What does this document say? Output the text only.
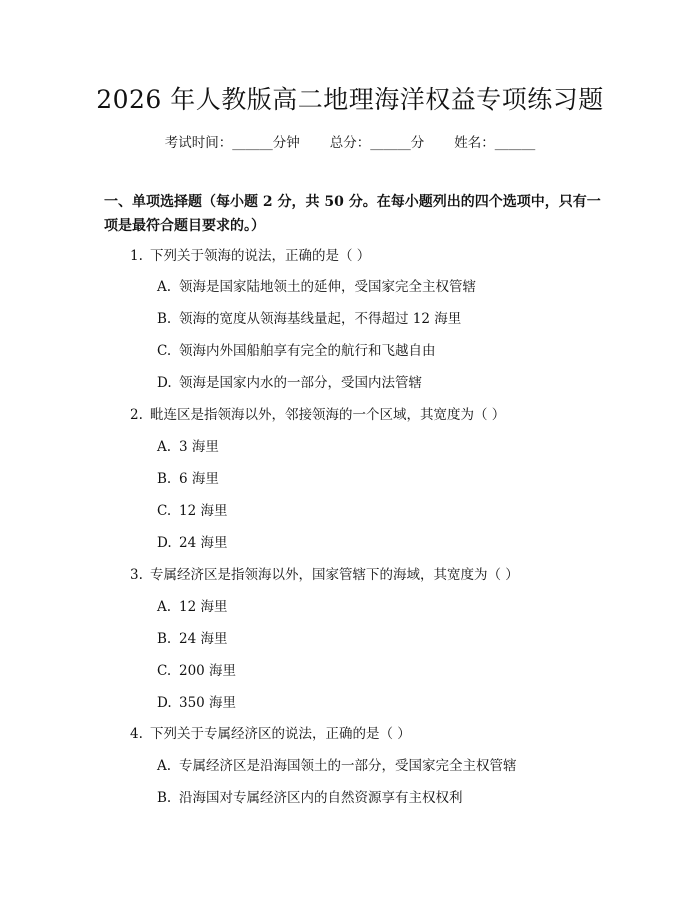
2026 年人教版高二地理海洋权益专项练习题
考试时间：______分钟 总分：______分 姓名：______
一、单项选择题（每小题 2 分，共 50 分。在每小题列出的四个选项中，只有一项是最符合题目要求的。）
1. 下列关于领海的说法，正确的是（ ）
A. 领海是国家陆地领土的延伸，受国家完全主权管辖
B. 领海的宽度从领海基线量起，不得超过 12 海里
C. 领海内外国船舶享有完全的航行和飞越自由
D. 领海是国家内水的一部分，受国内法管辖
2. 毗连区是指领海以外，邻接领海的一个区域，其宽度为（ ）
A. 3 海里
B. 6 海里
C. 12 海里
D. 24 海里
3. 专属经济区是指领海以外，国家管辖下的海域，其宽度为（ ）
A. 12 海里
B. 24 海里
C. 200 海里
D. 350 海里
4. 下列关于专属经济区的说法，正确的是（ ）
A. 专属经济区是沿海国领土的一部分，受国家完全主权管辖
B. 沿海国对专属经济区内的自然资源享有主权权利
